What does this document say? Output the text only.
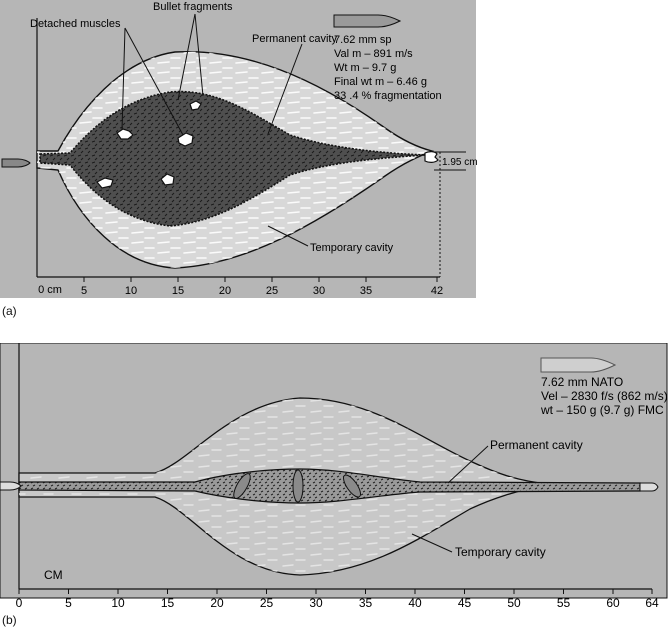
Detached muscles
Bullet fragments
Permanent cavity
Temporary cavity
1.95 cm
7.62 mm sp
Val m – 891 m/s
Wt m – 9.7 g
Final wt m – 6.46 g
33 .4 % fragmentation
0 cm 5	10	15	20	25	30	35	42
(a)
7.62 mm NATO
Vel – 2830 f/s (862 m/s)
wt – 150 g (9.7 g) FMC
Permanent cavity
Temporary cavity
CM
0	5	10	15	20	25	30	35	40	45	50	55	60 64
(b)
